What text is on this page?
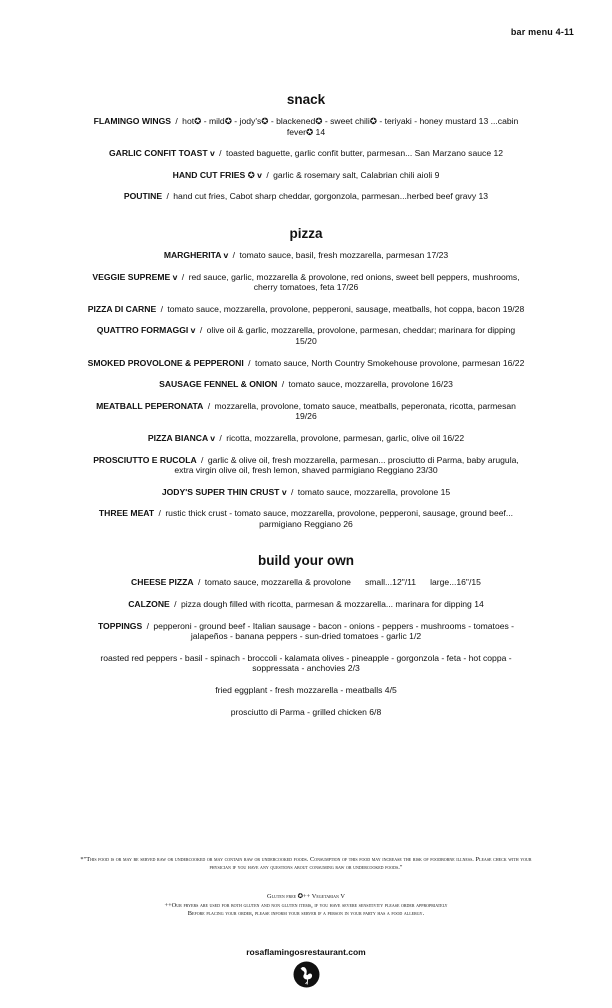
bar menu 4-11
snack
FLAMINGO WINGS / hot✪ - mild✪ - jody's✪ - blackened✪ - sweet chili✪ - teriyaki - honey mustard 13 ...cabin fever✪ 14
GARLIC CONFIT TOAST v / toasted baguette, garlic confit butter, parmesan... San Marzano sauce 12
HAND CUT FRIES ✪ v / garlic & rosemary salt, Calabrian chili aioli 9
POUTINE / hand cut fries, Cabot sharp cheddar, gorgonzola, parmesan...herbed beef gravy 13
pizza
MARGHERITA v / tomato sauce, basil, fresh mozzarella, parmesan 17/23
VEGGIE SUPREME v / red sauce, garlic, mozzarella & provolone, red onions, sweet bell peppers, mushrooms, cherry tomatoes, feta 17/26
PIZZA DI CARNE / tomato sauce, mozzarella, provolone, pepperoni, sausage, meatballs, hot coppa, bacon 19/28
QUATTRO FORMAGGI v / olive oil & garlic, mozzarella, provolone, parmesan, cheddar; marinara for dipping 15/20
SMOKED PROVOLONE & PEPPERONI / tomato sauce, North Country Smokehouse provolone, parmesan 16/22
SAUSAGE FENNEL & ONION / tomato sauce, mozzarella, provolone 16/23
MEATBALL PEPERONATA / mozzarella, provolone, tomato sauce, meatballs, peperonata, ricotta, parmesan 19/26
PIZZA BIANCA v / ricotta, mozzarella, provolone, parmesan, garlic, olive oil 16/22
PROSCIUTTO E RUCOLA / garlic & olive oil, fresh mozzarella, parmesan... prosciutto di Parma, baby arugula, extra virgin olive oil, fresh lemon, shaved parmigiano Reggiano 23/30
JODY'S SUPER THIN CRUST v / tomato sauce, mozzarella, provolone 15
THREE MEAT / rustic thick crust - tomato sauce, mozzarella, provolone, pepperoni, sausage, ground beef... parmigiano Reggiano 26
build your own
CHEESE PIZZA / tomato sauce, mozzarella & provolone small...12"/11 large...16"/15
CALZONE / pizza dough filled with ricotta, parmesan & mozzarella... marinara for dipping 14
TOPPINGS / pepperoni - ground beef - Italian sausage - bacon - onions - peppers - mushrooms - tomatoes - jalapeños - banana peppers - sun-dried tomatoes - garlic 1/2
roasted red peppers - basil - spinach - broccoli - kalamata olives - pineapple - gorgonzola - feta - hot coppa - soppressata - anchovies 2/3
fried eggplant - fresh mozzarella - meatballs 4/5
prosciutto di Parma - grilled chicken 6/8
*"This food is or may be served raw or undercooked or may contain raw or undercooked foods. Consumption of this food may increase the risk of foodborne illness. Please check with your physician if you have any questions about consuming raw or undercooked foods."
Gluten free ✪++ Vegetarian V
++Our fryers are used for both gluten and non gluten items, if you have severe sensitivity please order appropriately
Before placing your order, please inform your server if a person in your party has a food allergy.
rosaflamingosrestaurant.com
